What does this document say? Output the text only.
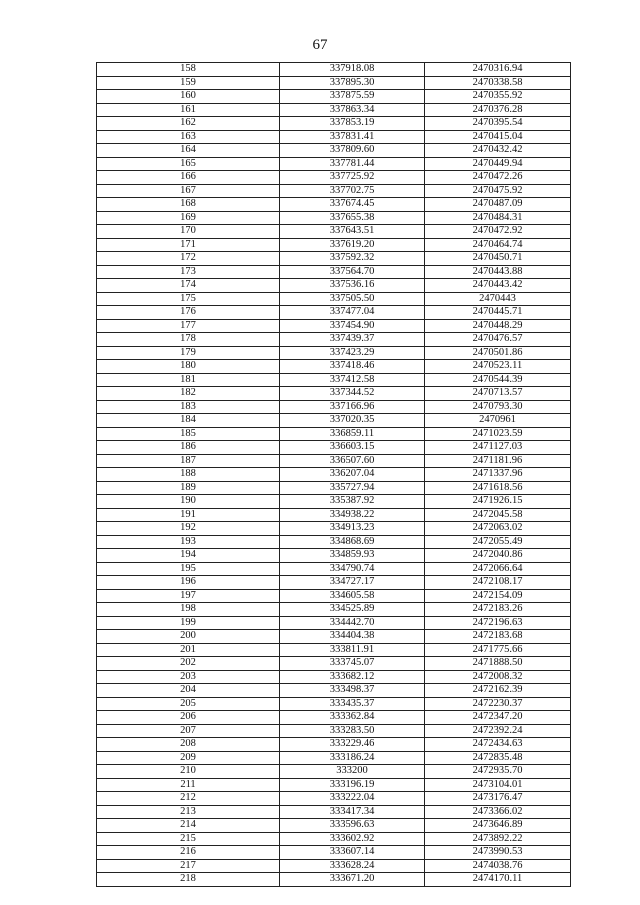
67
158	337918.08	2470316.94
159	337895.30	2470338.58
160	337875.59	2470355.92
161	337863.34	2470376.28
162	337853.19	2470395.54
163	337831.41	2470415.04
164	337809.60	2470432.42
165	337781.44	2470449.94
166	337725.92	2470472.26
167	337702.75	2470475.92
168	337674.45	2470487.09
169	337655.38	2470484.31
170	337643.51	2470472.92
171	337619.20	2470464.74
172	337592.32	2470450.71
173	337564.70	2470443.88
174	337536.16	2470443.42
175	337505.50	2470443
176	337477.04	2470445.71
177	337454.90	2470448.29
178	337439.37	2470476.57
179	337423.29	2470501.86
180	337418.46	2470523.11
181	337412.58	2470544.39
182	337344.52	2470713.57
183	337166.96	2470793.30
184	337020.35	2470961
185	336859.11	2471023.59
186	336603.15	2471127.03
187	336507.60	2471181.96
188	336207.04	2471337.96
189	335727.94	2471618.56
190	335387.92	2471926.15
191	334938.22	2472045.58
192	334913.23	2472063.02
193	334868.69	2472055.49
194	334859.93	2472040.86
195	334790.74	2472066.64
196	334727.17	2472108.17
197	334605.58	2472154.09
198	334525.89	2472183.26
199	334442.70	2472196.63
200	334404.38	2472183.68
201	333811.91	2471775.66
202	333745.07	2471888.50
203	333682.12	2472008.32
204	333498.37	2472162.39
205	333435.37	2472230.37
206	333362.84	2472347.20
207	333283.50	2472392.24
208	333229.46	2472434.63
209	333186.24	2472835.48
210	333200	2472935.70
211	333196.19	2473104.01
212	333222.04	2473176.47
213	333417.34	2473366.02
214	333596.63	2473646.89
215	333602.92	2473892.22
216	333607.14	2473990.53
217	333628.24	2474038.76
218	333671.20	2474170.11
